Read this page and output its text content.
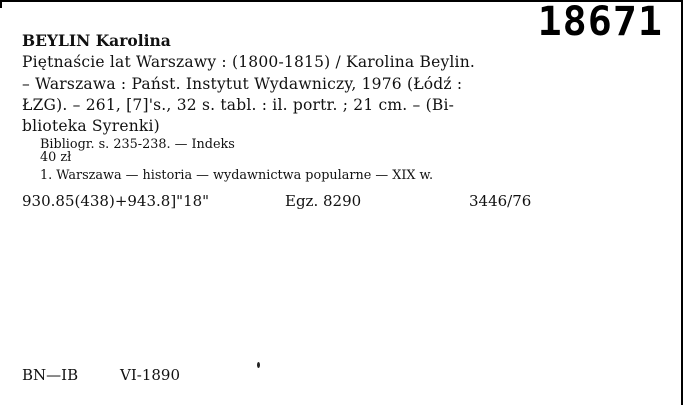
18671
BEYLIN Karolina
Piętnaście lat Warszawy : (1800-1815) / Karolina Beylin.
– Warszawa : Państ. Instytut Wydawniczy, 1976 (Łódź :
ŁZG). – 261, [7]'s., 32 s. tabl. : il. portr. ; 21 cm. – (Bi-
blioteka Syrenki)
Bibliogr. s. 235-238. — Indeks
40 zł
1. Warszawa — historia — wydawnictwa popularne — XIX w.
930.85(438)+943.8]"18"	Egz. 8290	3446/76
BN—IB	VI-1890
